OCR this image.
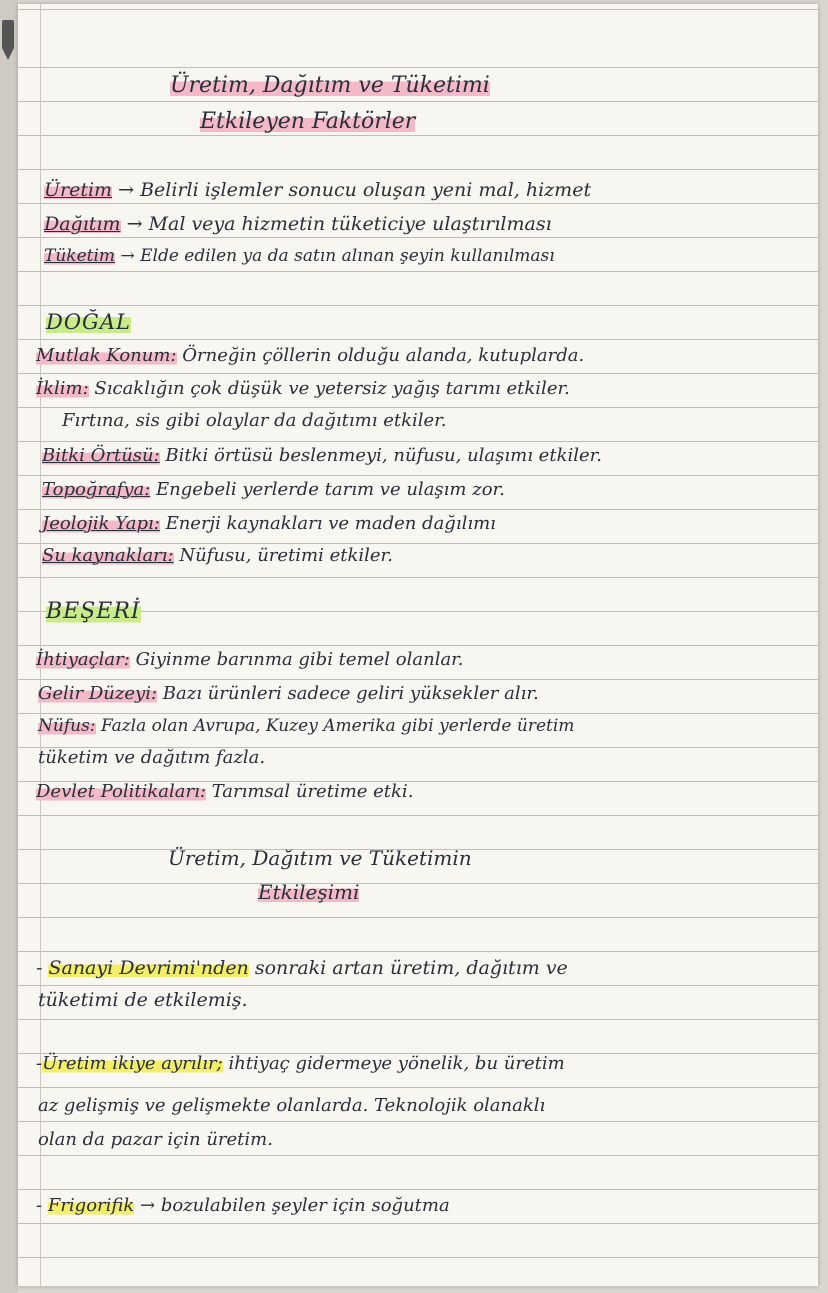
Üretim, Dağıtım ve Tüketimi
Etkileyen Faktörler
Üretim → Belirli işlemler sonucu oluşan yeni mal, hizmet
Dağıtım → Mal veya hizmetin tüketiciye ulaştırılması
Tüketim → Elde edilen ya da satın alınan şeyin kullanılması
DOĞAL
Mutlak Konum: Örneğin çöllerin olduğu alanda, kutuplarda.
İklim: Sıcaklığın çok düşük ve yetersiz yağış tarımı etkiler.
Fırtına, sis gibi olaylar da dağıtımı etkiler.
Bitki Örtüsü: Bitki örtüsü beslenmeyi, nüfusu, ulaşımı etkiler.
Topoğrafya: Engebeli yerlerde tarım ve ulaşım zor.
Jeolojik Yapı: Enerji kaynakları ve maden dağılımı
Su kaynakları: Nüfusu, üretimi etkiler.
BEŞERİ
İhtiyaçlar: Giyinme barınma gibi temel olanlar.
Gelir Düzeyi: Bazı ürünleri sadece geliri yüksekler alır.
Nüfus: Fazla olan Avrupa, Kuzey Amerika gibi yerlerde üretim
tüketim ve dağıtım fazla.
Devlet Politikaları: Tarımsal üretime etki.
Üretim, Dağıtım ve Tüketimin
Etkileşimi
- Sanayi Devrimi'nden sonraki artan üretim, dağıtım ve
tüketimi de etkilemiş.
-Üretim ikiye ayrılır; ihtiyaç gidermeye yönelik, bu üretim
az gelişmiş ve gelişmekte olanlarda. Teknolojik olanaklı
olan da pazar için üretim.
- Frigorifik → bozulabilen şeyler için soğutma
